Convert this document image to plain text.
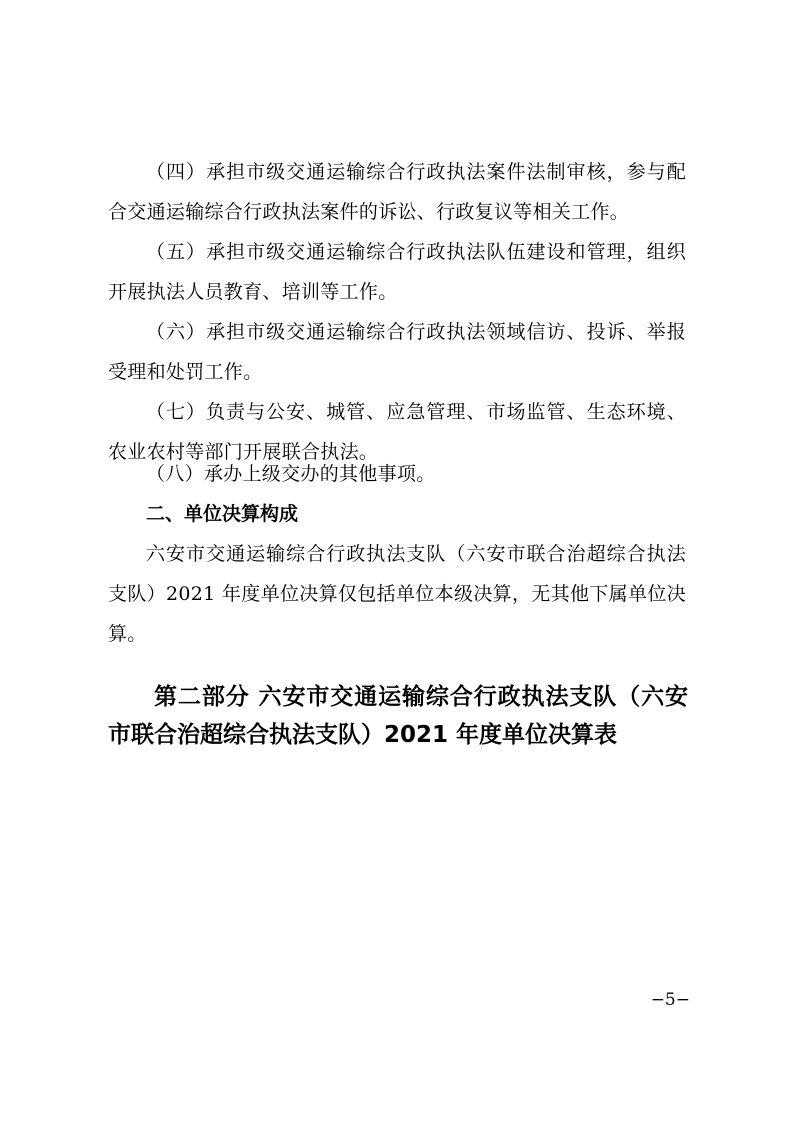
（四）承担市级交通运输综合行政执法案件法制审核，参与配合交通运输综合行政执法案件的诉讼、行政复议等相关工作。

（五）承担市级交通运输综合行政执法队伍建设和管理，组织开展执法人员教育、培训等工作。

（六）承担市级交通运输综合行政执法领域信访、投诉、举报受理和处罚工作。

（七）负责与公安、城管、应急管理、市场监管、生态环境、农业农村等部门开展联合执法。

（八）承办上级交办的其他事项。

二、单位决算构成

六安市交通运输综合行政执法支队（六安市联合治超综合执法支队）2021 年度单位决算仅包括单位本级决算，无其他下属单位决算。

第二部分 六安市交通运输综合行政执法支队（六安市联合治超综合执法支队）2021 年度单位决算表
−5−
